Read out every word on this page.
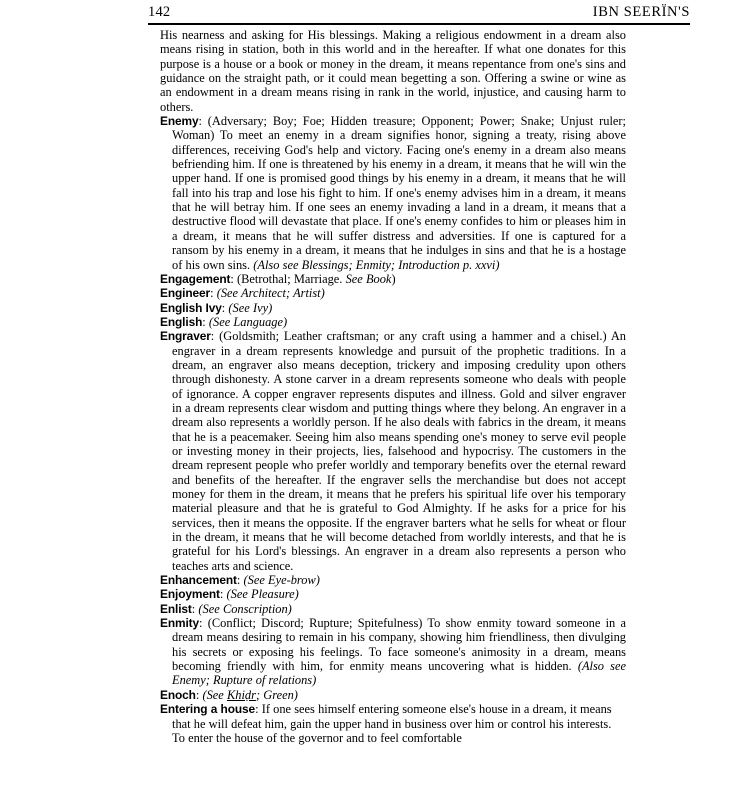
142	IBN SEERÏN'S

His nearness and asking for His blessings. Making a religious endowment in a dream also means rising in station, both in this world and in the hereafter. If what one donates for this purpose is a house or a book or money in the dream, it means repentance from one's sins and guidance on the straight path, or it could mean begetting a son. Offering a swine or wine as an endowment in a dream means rising in rank in the world, injustice, and causing harm to others.

Enemy: (Adversary; Boy; Foe; Hidden treasure; Opponent; Power; Snake; Unjust ruler; Woman) To meet an enemy in a dream signifies honor, signing a treaty, rising above differences, receiving God's help and victory. Facing one's enemy in a dream also means befriending him. If one is threatened by his enemy in a dream, it means that he will win the upper hand. If one is promised good things by his enemy in a dream, it means that he will fall into his trap and lose his fight to him. If one's enemy advises him in a dream, it means that he will betray him. If one sees an enemy invading a land in a dream, it means that a destructive flood will devastate that place. If one's enemy confides to him or pleases him in a dream, it means that he will suffer distress and adversities. If one is captured for a ransom by his enemy in a dream, it means that he indulges in sins and that he is a hostage of his own sins. (Also see Blessings; Enmity; Introduction p. xxvi)

Engagement: (Betrothal; Marriage. See Book)

Engineer: (See Architect; Artist)

English Ivy: (See Ivy)

English: (See Language)

Engraver: (Goldsmith; Leather craftsman; or any craft using a hammer and a chisel.) An engraver in a dream represents knowledge and pursuit of the prophetic traditions. In a dream, an engraver also means deception, trickery and imposing credulity upon others through dishonesty. A stone carver in a dream represents someone who deals with people of ignorance. A copper engraver represents disputes and illness. Gold and silver engraver in a dream represents clear wisdom and putting things where they belong. An engraver in a dream also represents a worldly person. If he also deals with fabrics in the dream, it means that he is a peacemaker. Seeing him also means spending one's money to serve evil people or investing money in their projects, lies, falsehood and hypocrisy. The customers in the dream represent people who prefer worldly and temporary benefits over the eternal reward and benefits of the hereafter. If the engraver sells the merchandise but does not accept money for them in the dream, it means that he prefers his spiritual life over his temporary material pleasure and that he is grateful to God Almighty. If he asks for a price for his services, then it means the opposite. If the engraver barters what he sells for wheat or flour in the dream, it means that he will become detached from worldly interests, and that he is grateful for his Lord's blessings. An engraver in a dream also represents a person who teaches arts and science.

Enhancement: (See Eye-brow)

Enjoyment: (See Pleasure)

Enlist: (See Conscription)

Enmity: (Conflict; Discord; Rupture; Spitefulness) To show enmity toward someone in a dream means desiring to remain in his company, showing him friendliness, then divulging his secrets or exposing his feelings. To face someone's animosity in a dream, means becoming friendly with him, for enmity means uncovering what is hidden. (Also see Enemy; Rupture of relations)

Enoch: (See Khiḍr; Green)

Entering a house: If one sees himself entering someone else's house in a dream, it means that he will defeat him, gain the upper hand in business over him or control his interests. To enter the house of the governor and to feel comfortable
